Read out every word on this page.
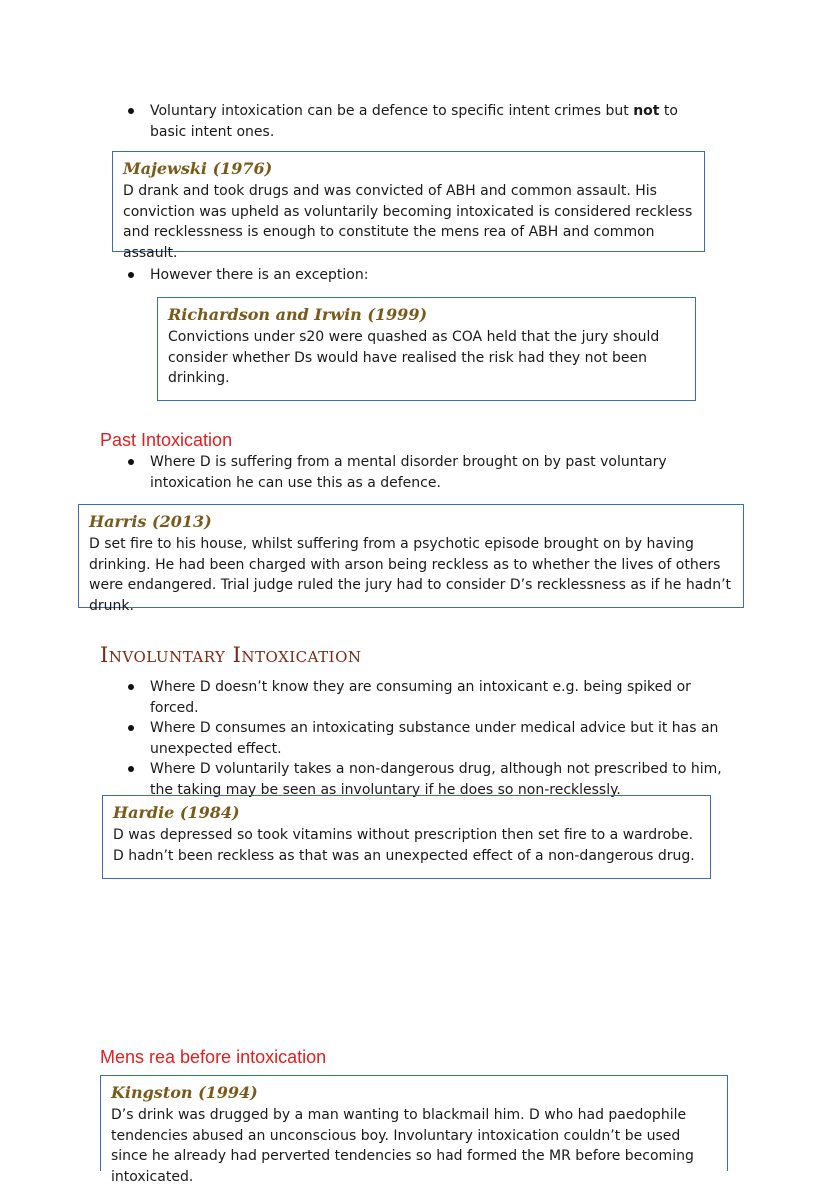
Voluntary intoxication can be a defence to specific intent crimes but not to basic intent ones.
Majewski (1976)
D drank and took drugs and was convicted of ABH and common assault. His conviction was upheld as voluntarily becoming intoxicated is considered reckless and recklessness is enough to constitute the mens rea of ABH and common assault.
However there is an exception:
Richardson and Irwin (1999)
Convictions under s20 were quashed as COA held that the jury should consider whether Ds would have realised the risk had they not been drinking.
Past Intoxication
Where D is suffering from a mental disorder brought on by past voluntary intoxication he can use this as a defence.
Harris (2013)
D set fire to his house, whilst suffering from a psychotic episode brought on by having drinking. He had been charged with arson being reckless as to whether the lives of others were endangered. Trial judge ruled the jury had to consider D’s recklessness as if he hadn’t drunk.
Involuntary Intoxication
Where D doesn’t know they are consuming an intoxicant e.g. being spiked or forced.
Where D consumes an intoxicating substance under medical advice but it has an unexpected effect.
Where D voluntarily takes a non-dangerous drug, although not prescribed to him, the taking may be seen as involuntary if he does so non-recklessly.
Hardie (1984)
D was depressed so took vitamins without prescription then set fire to a wardrobe. D hadn’t been reckless as that was an unexpected effect of a non-dangerous drug.
Mens rea before intoxication
Kingston (1994)
D’s drink was drugged by a man wanting to blackmail him. D who had paedophile tendencies abused an unconscious boy. Involuntary intoxication couldn’t be used since he already had perverted tendencies so had formed the MR before becoming intoxicated.
